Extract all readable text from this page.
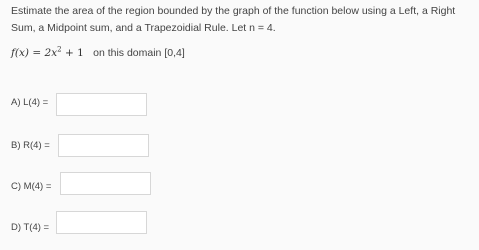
Estimate the area of the region bounded by the graph of the function below using a Left, a Right Sum, a Midpoint sum, and a Trapezoidial Rule. Let n = 4.
$f(x) = 2x^2 + 1$ on this domain [0,4]
A) L(4) =
B) R(4) =
C) M(4) =
D) T(4) =
